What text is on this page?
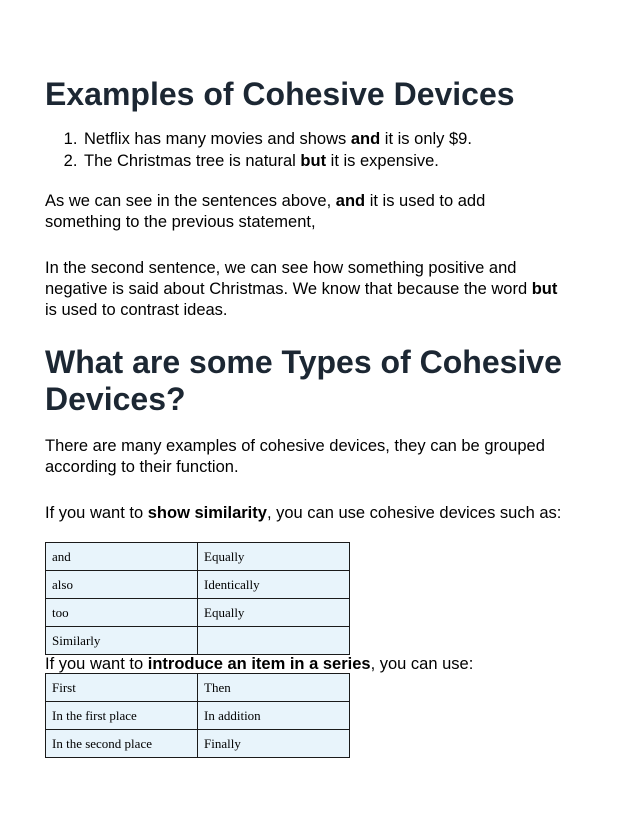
Examples of Cohesive Devices
1. Netflix has many movies and shows and it is only $9.
2. The Christmas tree is natural but it is expensive.

As we can see in the sentences above, and it is used to add something to the previous statement,

In the second sentence, we can see how something positive and negative is said about Christmas. We know that because the word but is used to contrast ideas.

What are some Types of Cohesive Devices?

There are many examples of cohesive devices, they can be grouped according to their function.

If you want to show similarity, you can use cohesive devices such as:

and	Equally
also	Identically
too	Equally
Similarly	

If you want to introduce an item in a series, you can use:

First	Then
In the first place	In addition
In the second place	Finally
